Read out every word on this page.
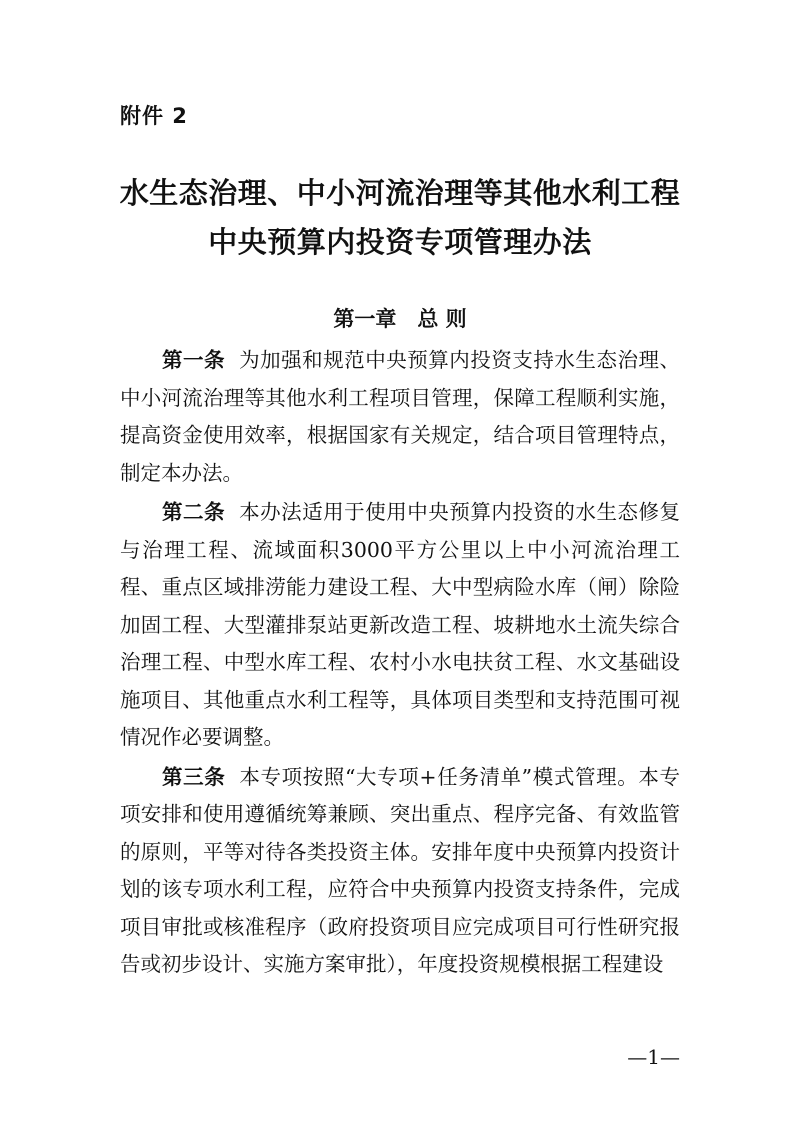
附件 2
水生态治理、中小河流治理等其他水利工程
中央预算内投资专项管理办法
第一章　总 则

第一条 为加强和规范中央预算内投资支持水生态治理、中小河流治理等其他水利工程项目管理，保障工程顺利实施，提高资金使用效率，根据国家有关规定，结合项目管理特点，制定本办法。

第二条 本办法适用于使用中央预算内投资的水生态修复与治理工程、流域面积3000平方公里以上中小河流治理工程、重点区域排涝能力建设工程、大中型病险水库（闸）除险加固工程、大型灌排泵站更新改造工程、坡耕地水土流失综合治理工程、中型水库工程、农村小水电扶贫工程、水文基础设施项目、其他重点水利工程等，具体项目类型和支持范围可视情况作必要调整。

第三条 本专项按照“大专项+任务清单”模式管理。本专项安排和使用遵循统筹兼顾、突出重点、程序完备、有效监管的原则，平等对待各类投资主体。安排年度中央预算内投资计划的该专项水利工程，应符合中央预算内投资支持条件，完成项目审批或核准程序（政府投资项目应完成项目可行性研究报告或初步设计、实施方案审批），年度投资规模根据工程建设

—1—
